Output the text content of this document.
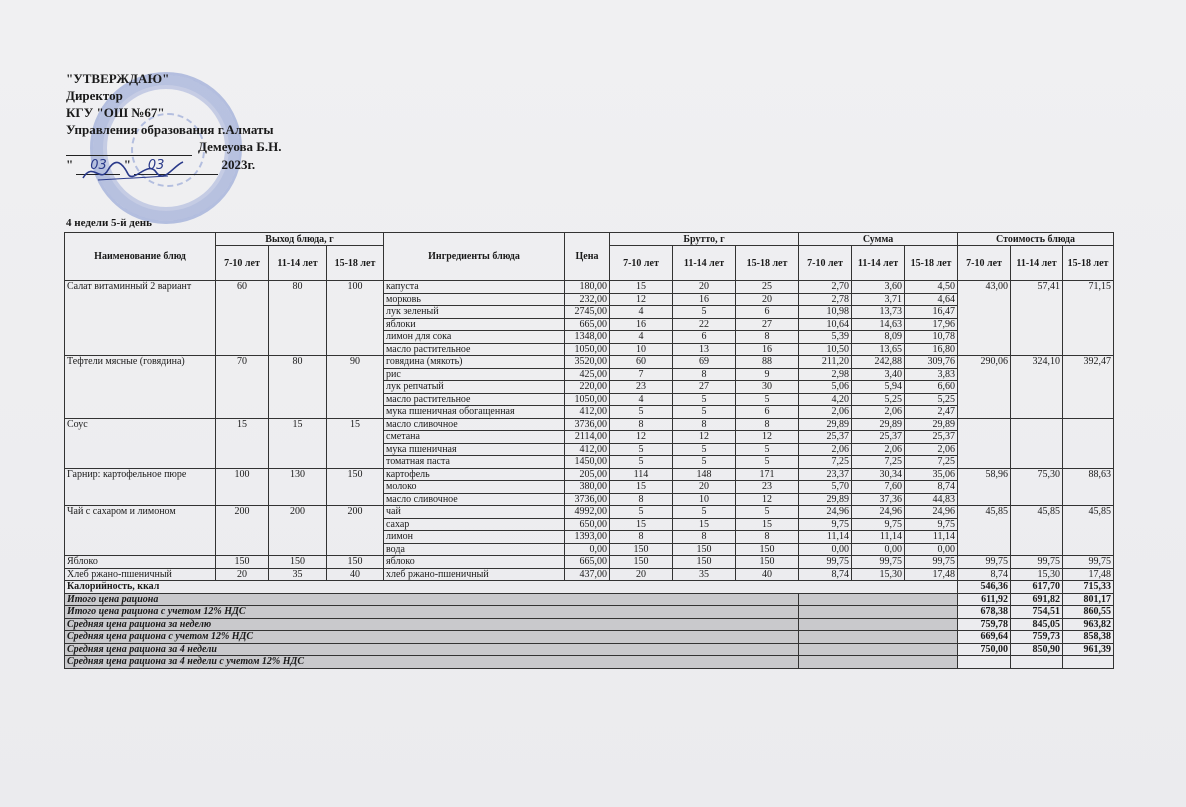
"УТВЕРЖДАЮ"
Директор
КГУ "ОШ №67"
Управления образования г.Алматы
Демеуова Б.Н.
" 03 " 03	2023г.
4 недели 5-й день
Наименование блюд	Выход блюда, г			Ингредиенты блюда	Цена	Брутто, г			Сумма			Стоимость блюда		
	7-10 лет	11-14 лет	15-18 лет			7-10 лет	11-14 лет	15-18 лет	7-10 лет	11-14 лет	15-18 лет	7-10 лет	11-14 лет	15-18 лет
Салат витаминный 2 вариант	60	80	100	капуста	180,00	15	20	25	2,70	3,60	4,50	43,00	57,41	71,15
				морковь	232,00	12	16	20	2,78	3,71	4,64			
				лук зеленый	2745,00	4	5	6	10,98	13,73	16,47			
				яблоки	665,00	16	22	27	10,64	14,63	17,96			
				лимон для сока	1348,00	4	6	8	5,39	8,09	10,78			
				масло растительное	1050,00	10	13	16	10,50	13,65	16,80			
Тефтели мясные (говядина)	70	80	90	говядина (мякоть)	3520,00	60	69	88	211,20	242,88	309,76	290,06	324,10	392,47
				рис	425,00	7	8	9	2,98	3,40	3,83			
				лук репчатый	220,00	23	27	30	5,06	5,94	6,60			
				масло растительное	1050,00	4	5	5	4,20	5,25	5,25			
				мука пшеничная обогащенная	412,00	5	5	6	2,06	2,06	2,47			
Соус	15	15	15	масло сливочное	3736,00	8	8	8	29,89	29,89	29,89			
				сметана	2114,00	12	12	12	25,37	25,37	25,37			
				мука пшеничная	412,00	5	5	5	2,06	2,06	2,06			
				томатная паста	1450,00	5	5	5	7,25	7,25	7,25			
Гарнир: картофельное пюре	100	130	150	картофель	205,00	114	148	171	23,37	30,34	35,06	58,96	75,30	88,63
				молоко	380,00	15	20	23	5,70	7,60	8,74			
				масло сливочное	3736,00	8	10	12	29,89	37,36	44,83			
Чай с сахаром и лимоном	200	200	200	чай	4992,00	5	5	5	24,96	24,96	24,96	45,85	45,85	45,85
				сахар	650,00	15	15	15	9,75	9,75	9,75			
				лимон	1393,00	8	8	8	11,14	11,14	11,14			
				вода	0,00	150	150	150	0,00	0,00	0,00			
Яблоко	150	150	150	яблоко	665,00	150	150	150	99,75	99,75	99,75	99,75	99,75	99,75
Хлеб ржано-пшеничный	20	35	40	хлеб ржано-пшеничный	437,00	20	35	40	8,74	15,30	17,48	8,74	15,30	17,48
Калорийность, ккал												546,36	617,70	715,33
Итого цена рациона												611,92	691,82	801,17
Итого цена рациона с учетом 12% НДС												678,38	754,51	860,55
Средняя цена рациона за неделю												759,78	845,05	963,82
Средняя цена рациона с учетом 12% НДС												669,64	759,73	858,38
Средняя цена рациона за 4 недели												750,00	850,90	961,39
Средняя цена рациона за 4 недели с учетом 12% НДС														
